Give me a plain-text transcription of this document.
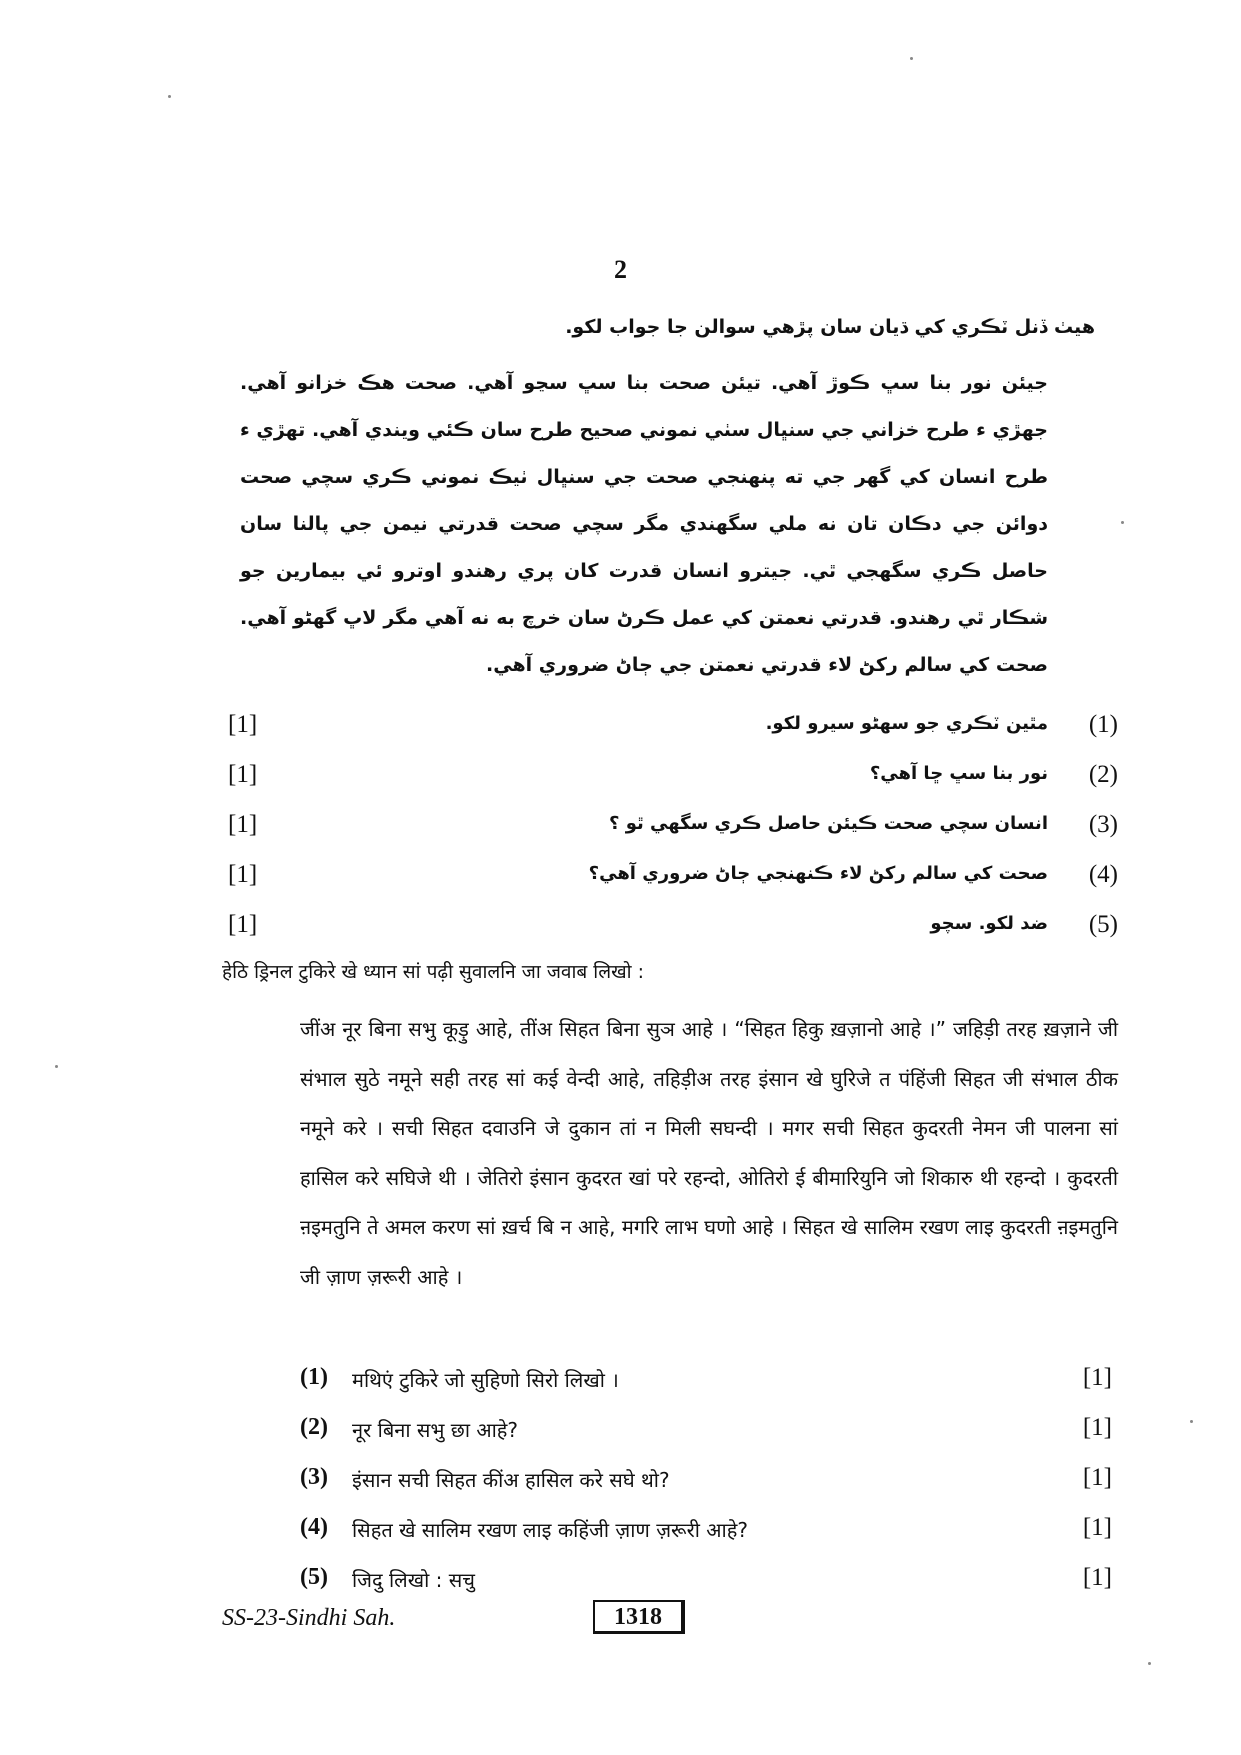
2
هيٺ ڏنل ٽڪري کي ڌيان سان پڙهي سوالن جا جواب لکو.
جيئن نور بنا سڀ ڪوڙ آهي. تيئن صحت بنا سڀ سڃو آهي. صحت هڪ خزانو آهي. جهڙي ء طرح خزاني جي سنڀال سٺي نموني صحيح طرح سان ڪئي ويندي آهي. تهڙي ء طرح انسان کي گهر جي ته پنهنجي صحت جي سنڀال ٺيڪ نموني ڪري سچي صحت دوائن جي دڪان تان نه ملي سگهندي مگر سچي صحت قدرتي نيمن جي پالنا سان حاصل ڪري سگهجي ٿي. جيترو انسان قدرت کان پري رهندو اوترو ئي بيمارين جو شڪار ٿي رهندو. قدرتي نعمتن کي عمل ڪرڻ سان خرچ به نه آهي مگر لاڀ گهڻو آهي. صحت کي سالم رکڻ لاء قدرتي نعمتن جي ڄاڻ ضروري آهي.
(1)
مٿين ٽڪري جو سهڻو سيرو لکو.
[1]
(2)
نور بنا سڀ ڇا آهي؟
[1]
(3)
انسان سچي صحت ڪيئن حاصل ڪري سگهي ٿو ؟
[1]
(4)
صحت کي سالم رکڻ لاء ڪنهنجي ڄاڻ ضروري آهي؟
[1]
(5)
ضد لکو. سچو
[1]
हेठि ड्रिनल टुकिरे खे ध्यान सां पढ़ी सुवालनि जा जवाब लिखो :
जींअ नूर बिना सभु कूड़ु आहे, तींअ सिहत बिना सुञ आहे । “सिहत हिकु ख़ज़ानो आहे ।” जहिड़ी तरह ख़ज़ाने जी संभाल सुठे नमूने सही तरह सां कई वेन्दी आहे, तहिड़ीअ तरह इंसान खे घुरिजे त पंहिंजी सिहत जी संभाल ठीक नमूने करे । सची सिहत दवाउनि जे दुकान तां न मिली सघन्दी । मगर सची सिहत कुदरती नेमन जी पालना सां हासिल करे सघिजे थी । जेतिरो इंसान कुदरत खां परे रहन्दो, ओतिरो ई बीमारियुनि जो शिकारु थी रहन्दो । कुदरती ऩइमतुनि ते अमल करण सां ख़र्च बि न आहे, मगरि लाभ घणो आहे । सिहत खे सालिम रखण लाइ कुदरती ऩइमतुनि जी ज़ाण ज़रूरी आहे ।
(1) मथिएं टुकिरे जो सुहिणो सिरो लिखो ।	[1]
(2) नूर बिना सभु छा आहे?	[1]
(3) इंसान सची सिहत कींअ हासिल करे सघे थो?	[1]
(4) सिहत खे सालिम रखण लाइ कहिंजी ज़ाण ज़रूरी आहे?	[1]
(5) जिदु लिखो : सचु	[1]
SS-23-Sindhi Sah.	1318
